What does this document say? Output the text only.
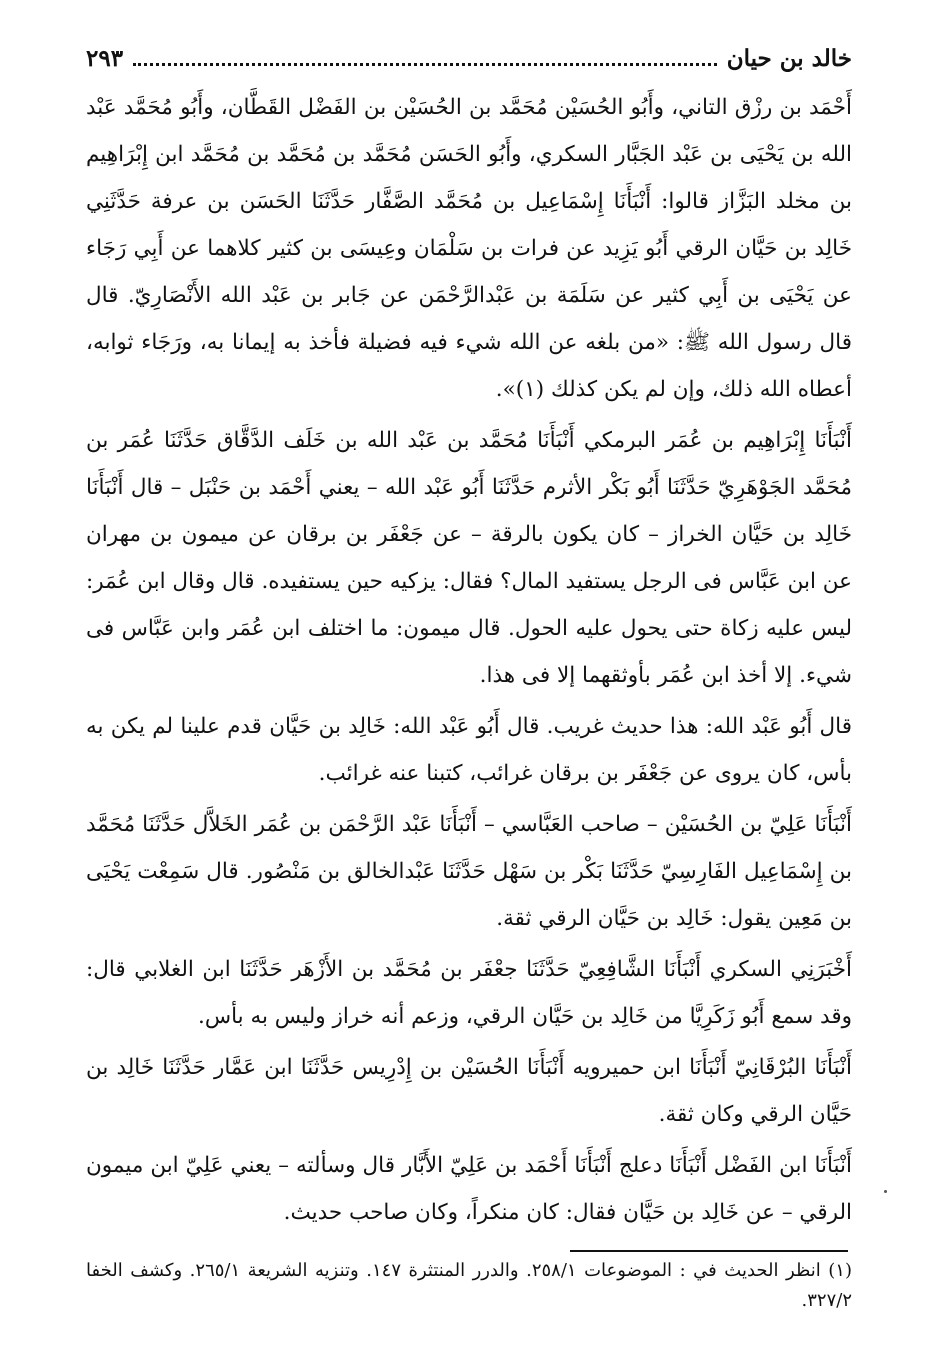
خالد بن حيان
٢٩٣

أَحْمَد بن رزْق التاني، وأَبُو الحُسَيْن مُحَمَّد بن الحُسَيْن بن الفَضْل القَطَّان، وأَبُو مُحَمَّد عَبْد الله بن يَحْيَى بن عَبْد الجَبَّار السكري، وأَبُو الحَسَن مُحَمَّد بن مُحَمَّد بن مُحَمَّد ابن إِبْرَاهِيم بن مخلد البَزَّاز قالوا: أَنْبَأَنَا إِسْمَاعِيل بن مُحَمَّد الصَّفَّار حَدَّثَنَا الحَسَن بن عرفة حَدَّثَنِي خَالِد بن حَيَّان الرقي أَبُو يَزِيد عن فرات بن سَلْمَان وعِيسَى بن كثير كلاهما عن أَبِي رَجَاء عن يَحْيَى بن أَبِي كثير عن سَلَمَة بن عَبْدالرَّحْمَن عن جَابر بن عَبْد الله الأَنْصَارِيّ. قال قال رسول الله ﷺ: «من بلغه عن الله شيء فيه فضيلة فأخذ به إيمانا به، ورَجَاء ثوابه، أعطاه الله ذلك، وإن لم يكن كذلك (١)».

أَنْبَأَنَا إِبْرَاهِيم بن عُمَر البرمكي أَنْبَأَنَا مُحَمَّد بن عَبْد الله بن خَلَف الدَّقَّاق حَدَّثَنَا عُمَر بن مُحَمَّد الجَوْهَرِيّ حَدَّثَنَا أَبُو بَكْر الأثرم حَدَّثَنَا أَبُو عَبْد الله – يعني أَحْمَد بن حَنْبَل – قال أَنْبَأَنَا خَالِد بن حَيَّان الخراز – كان يكون بالرقة – عن جَعْفَر بن برقان عن ميمون بن مهران عن ابن عَبَّاس فى الرجل يستفيد المال؟ فقال: يزكيه حين يستفيده. قال وقال ابن عُمَر: ليس عليه زكاة حتى يحول عليه الحول. قال ميمون: ما اختلف ابن عُمَر وابن عَبَّاس فى شيء. إلا أخذ ابن عُمَر بأوثقهما إلا فى هذا.

قال أَبُو عَبْد الله: هذا حديث غريب. قال أَبُو عَبْد الله: خَالِد بن حَيَّان قدم علينا لم يكن به بأس، كان يروى عن جَعْفَر بن برقان غرائب، كتبنا عنه غرائب.

أَنْبَأَنَا عَلِيّ بن الحُسَيْن – صاحب العَبَّاسي – أَنْبَأَنَا عَبْد الرَّحْمَن بن عُمَر الخَلاَّل حَدَّثَنَا مُحَمَّد بن إِسْمَاعِيل الفَارِسِيّ حَدَّثَنَا بَكْر بن سَهْل حَدَّثَنَا عَبْدالخالق بن مَنْصُور. قال سَمِعْت يَحْيَى بن مَعِين يقول: خَالِد بن حَيَّان الرقي ثقة.

أَخْبَرَنِي السكري أَنْبَأَنَا الشَّافِعِيّ حَدَّثَنَا جعْفَر بن مُحَمَّد بن الأَزْهَر حَدَّثَنَا ابن الغلابي قال: وقد سمع أَبُو زَكَرِيَّا من خَالِد بن حَيَّان الرقي، وزعم أنه خراز وليس به بأس.

أَنْبَأَنَا البُرْقَانِيّ أَنْبَأَنَا ابن حميرويه أَنْبَأَنَا الحُسَيْن بن إِدْرِيس حَدَّثَنَا ابن عَمَّار حَدَّثَنَا خَالِد بن حَيَّان الرقي وكان ثقة.

أَنْبَأَنَا ابن الفَضْل أَنْبَأَنَا دعلج أَنْبَأَنَا أَحْمَد بن عَلِيّ الأَبَّار قال وسألته – يعني عَلِيّ ابن ميمون الرقي – عن خَالِد بن حَيَّان فقال: كان منكراً، وكان صاحب حديث.

(١) انظر الحديث في : الموضوعات ٢٥٨/١. والدرر المنتثرة ١٤٧. وتنزيه الشريعة ٢٦٥/١. وكشف الخفا ٣٢٧/٢.
